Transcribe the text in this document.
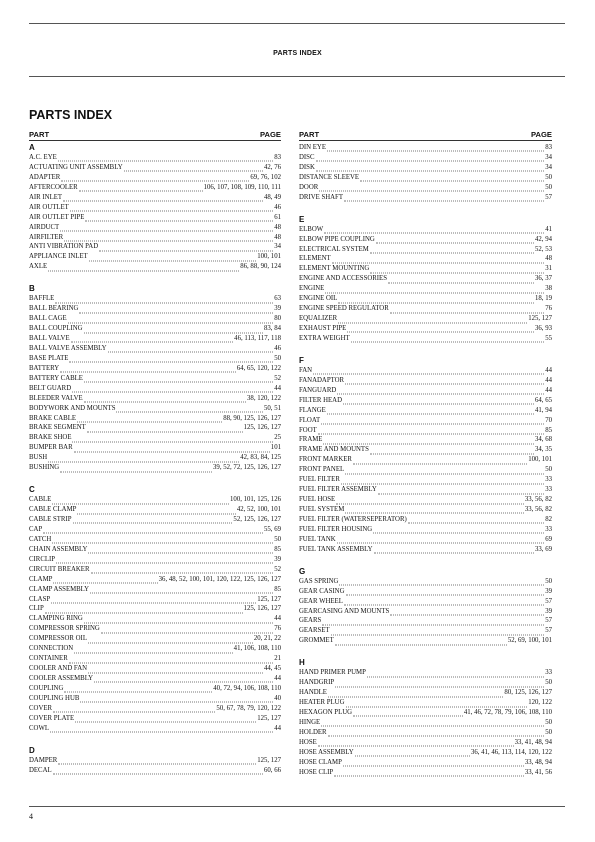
PARTS INDEX
PARTS INDEX
PART	PAGE
A
A.C. EYE	83
ACTUATING UNIT ASSEMBLY	42, 76
ADAPTER	69, 76, 102
AFTERCOOLER	106, 107, 108, 109, 110, 111
AIR INLET	48, 49
AIR OUTLET	46
AIR OUTLET PIPE	61
AIRDUCT	48
AIRFILTER	48
ANTI VIBRATION PAD	34
APPLIANCE INLET	100, 101
AXLE	86, 88, 90, 124
B
BAFFLE	63
BALL BEARING	39
BALL CAGE	80
BALL COUPLING	83, 84
BALL VALVE	46, 113, 117, 118
BALL VALVE ASSEMBLY	46
BASE PLATE	50
BATTERY	64, 65, 120, 122
BATTERY CABLE	52
BELT GUARD	44
BLEEDER VALVE	38, 120, 122
BODYWORK AND MOUNTS	50, 51
BRAKE CABLE	88, 90, 125, 126, 127
BRAKE SEGMENT	125, 126, 127
BRAKE SHOE	25
BUMPER BAR	101
BUSH	42, 83, 84, 125
BUSHING	39, 52, 72, 125, 126, 127
C
CABLE	100, 101, 125, 126
CABLE CLAMP	42, 52, 100, 101
CABLE STRIP	52, 125, 126, 127
CAP	55, 69
CATCH	50
CHAIN ASSEMBLY	85
CIRCLIP	39
CIRCUIT BREAKER	52
CLAMP	36, 48, 52, 100, 101, 120, 122, 125, 126, 127
CLAMP ASSEMBLY	85
CLASP	125, 127
CLIP	125, 126, 127
CLAMPING RING	44
COMPRESSOR SPRING	76
COMPRESSOR OIL	20, 21, 22
CONNECTION	41, 106, 108, 110
CONTAINER	21
COOLER AND FAN	44, 45
COOLER ASSEMBLY	44
COUPLING	40, 72, 94, 106, 108, 110
COUPLING HUB	40
COVER	50, 67, 78, 79, 120, 122
COVER PLATE	125, 127
COWL	44
D
DAMPER	125, 127
DECAL	60, 66
PART	PAGE
DIN EYE	83
DISC	34
DISK	34
DISTANCE SLEEVE	50
DOOR	50
DRIVE SHAFT	57
E
ELBOW	41
ELBOW PIPE COUPLING	42, 94
ELECTRICAL SYSTEM	52, 53
ELEMENT	48
ELEMENT MOUNTING	31
ENGINE AND ACCESSORIES	36, 37
ENGINE	38
ENGINE OIL	18, 19
ENGINE SPEED REGULATOR	76
EQUALIZER	125, 127
EXHAUST PIPE	36, 93
EXTRA WEIGHT	55
F
FAN	44
FANADAPTOR	44
FANGUARD	44
FILTER HEAD	64, 65
FLANGE	41, 94
FLOAT	70
FOOT	85
FRAME	34, 68
FRAME AND MOUNTS	34, 35
FRONT MARKER	100, 101
FRONT PANEL	50
FUEL FILTER	33
FUEL FILTER ASSEMBLY	33
FUEL HOSE	33, 56, 82
FUEL SYSTEM	33, 56, 82
FUEL FILTER (WATERSEPERATOR)	82
FUEL FILTER HOUSING	33
FUEL TANK	69
FUEL TANK ASSEMBLY	33, 69
G
GAS SPRING	50
GEAR CASING	39
GEAR WHEEL	57
GEARCASING AND MOUNTS	39
GEARS	57
GEARSET	57
GROMMET	52, 69, 100, 101
H
HAND PRIMER PUMP	33
HANDGRIP	50
HANDLE	80, 125, 126, 127
HEATER PLUG	120, 122
HEXAGON PLUG	41, 46, 72, 78, 79, 106, 108, 110
HINGE	50
HOLDER	50
HOSE	33, 41, 48, 94
HOSE ASSEMBLY	36, 41, 46, 113, 114, 120, 122
HOSE CLAMP	33, 48, 94
HOSE CLIP	33, 41, 56
4
